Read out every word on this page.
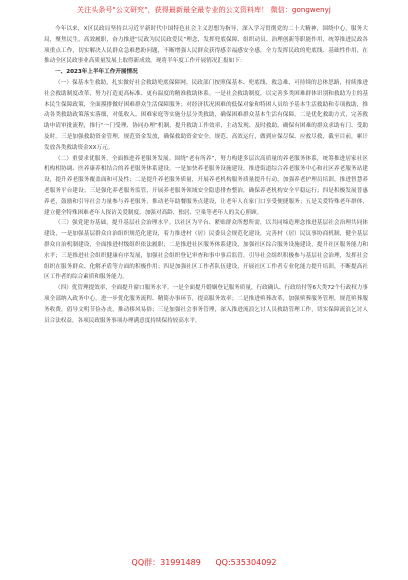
关注头条号"公文研究"，获得最新最全最专业的公文资料库！ 微信：gongwenyj

今年以来，X区民政局坚持以习近平新时代中国特色社会主义思想为指导，深入学习贯彻党的二十大精神，围绕中心，服务大局，聚焦民生，高效履职，奋力推进“民政为民民政爱民”理念，发挥兜底保障、组织动员、治理创新等职能作用，统筹推进民政各项重点工作，切实解决人民群众急难愁盼问题，不断增强人民群众获得感幸福感安全感，全力发挥民政的兜底线、基础性作用，在推动全区民政事业高质量发展上取得新成效。现将半年度工作开展情况汇报如下：

一、2023年上半年工作开展情况

（一）保基本生救助，扎实做好社会救助兜底保障网。民政部门按照保基本、兜底线、救急难、可持续的总体思路，持续推进社会救助制度改革，努力打造更高标准、更有温度的精准救助体系。一是社会救助制度，以完善多类困难群体识别和救助为主的基本民生保障政策，全面摸排做好困难群众生活保障服务；对经济状况困难的低保对象和特困人员给予基本生活救助和专项救助，推动各类救助政策落实落细，对低收入、困难家庭等实施分层分类救助，确保困难群众基本生活有保障。二是优化救助方式，完善救助申请审批流程，推行“一门受理、协同办理”机制，提升救助工作效率，主动发现、及时救助，确保有困难的群众求助有门、受助及时。三是加强救助资金管理，规范资金发放，确保救助资金安全、规范、高效运行，做到应保尽保、应救尽救，截至目前，累计发放各类救助资金XX万元。

（二）重要求优服务，全面推进养老服务发展。围绕“老有所养”，努力构建多层次高质量的养老服务体系，统筹推进居家社区机构相协调、医养康养相结合的养老服务体系建设。一是加快养老服务设施建设，推进街道综合养老服务中心和社区养老服务站建设，提升养老服务覆盖面和可及性；二是提升养老服务质量，开展养老机构服务质量提升行动，加强养老护理员培训，推进智慧养老服务平台建设；三是强化养老服务监管，开展养老服务领域安全隐患排查整治，确保养老机构安全平稳运行；四是积极发展普惠养老，鼓励和引导社会力量参与养老服务，推动老年助餐服务点建设，让老年人在家门口享受便捷服务；五是关爱特殊老年群体，建立健全特殊困难老年人探访关爱制度，加强对高龄、独居、空巢等老年人的关心照顾。

（三）强党建夯基础，提升基层社会治理水平。以社区为平台、紧贴群众所想所需，以共同缔造理念推进基层社会治理共同体建设，一是加强基层群众自治组织规范化建设，着力推进村（居）民委员会规范化建设，完善村（居）民议事协商机制，健全基层群众自治机制建设，全面推进村级组织依法履职；二是推进社区服务体系建设，加强社区综合服务设施建设，提升社区服务能力和水平；三是推进社会组织健康有序发展，加强社会组织登记审查和事中事后监管，引导社会组织积极参与基层社会治理，发挥社会组织在服务群众、化解矛盾等方面的积极作用；四是加强社区工作者队伍建设，开展社区工作者专业化能力提升培训，不断提高社区工作者的综合素质和服务能力。

（四）优管理提效率，全面提升窗口服务水平。一是全面提升婚姻登记服务质量，行政确认、行政给付等6大类72个行政权力事项全部纳入政务中心，进一步优化服务流程、精简办事环节，提高服务效率；二是推进殡葬改革，加强殡葬服务管理，规范殡葬服务收费，倡导文明节俭办丧，推动移风易俗；三是加强社会事务管理，深入推进流浪乞讨人员救助管理工作，切实保障流浪乞讨人员合法权益，各项民政服务事项办理满意度持续保持较高水平。

QQ群：31991489 QQ:535304092
